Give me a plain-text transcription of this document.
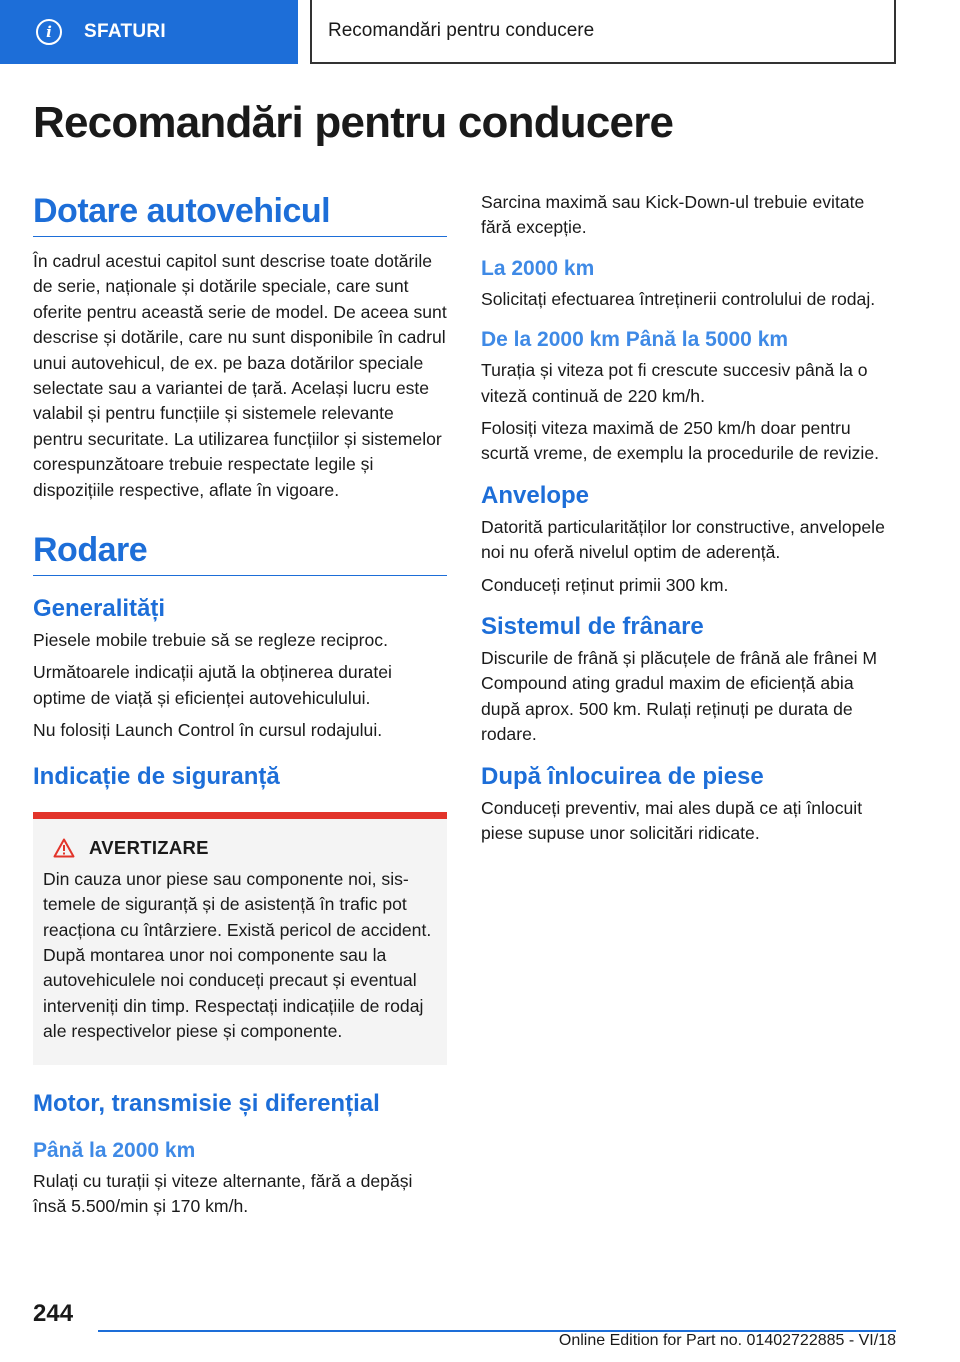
i	SFATURI	Recomandări pentru conducere
Recomandări pentru conducere
Dotare autovehicul

În cadrul acestui capitol sunt descrise toate dotările de serie, naționale și dotările speciale, care sunt oferite pentru această serie de model. De aceea sunt descrise și dotările, care nu sunt disponibile în cadrul unui autovehicul, de ex. pe baza dotărilor speciale selectate sau a variantei de țară. Același lucru este valabil și pentru funcțiile și sistemele relevante pentru securitate. La utilizarea funcțiilor și sistemelor corespunzătoare trebuie respectate legile și dispozițiile respective, aflate în vigoare.

Rodare
Generalități

Piesele mobile trebuie să se regleze reciproc.

Următoarele indicații ajută la obținerea duratei optime de viață și eficienței autovehiculului.

Nu folosiți Launch Control în cursul rodajului.

Indicație de siguranță
AVERTIZARE

Din cauza unor piese sau componente noi, sistemele de siguranță și de asistență în trafic pot reacționa cu întârziere. Există pericol de accident. După montarea unor noi componente sau la autovehiculele noi conduceți precaut și eventual interveniți din timp. Respectați indicațiile de rodaj ale respectivelor piese și componente.

Motor, transmisie și diferențial
Până la 2000 km

Rulați cu turații și viteze alternante, fără a depăși însă 5.500/min și 170 km/h.

Sarcina maximă sau Kick-Down-ul trebuie evitate fără excepție.

La 2000 km

Solicitați efectuarea întreținerii controlului de rodaj.

De la 2000 km Până la 5000 km

Turația și viteza pot fi crescute succesiv până la o viteză continuă de 220 km/h.

Folosiți viteza maximă de 250 km/h doar pentru scurtă vreme, de exemplu la procedurile de revizie.

Anvelope

Datorită particularităților lor constructive, anvelopele noi nu oferă nivelul optim de aderență.

Conduceți reținut primii 300 km.

Sistemul de frânare

Discurile de frână și plăcuțele de frână ale frânei M Compound ating gradul maxim de eficiență abia după aprox. 500 km. Rulați reținuți pe durata de rodare.

După înlocuirea de piese

Conduceți preventiv, mai ales după ce ați înlocuit piese supuse unor solicitări ridicate.

244
Online Edition for Part no. 01402722885 - VI/18
